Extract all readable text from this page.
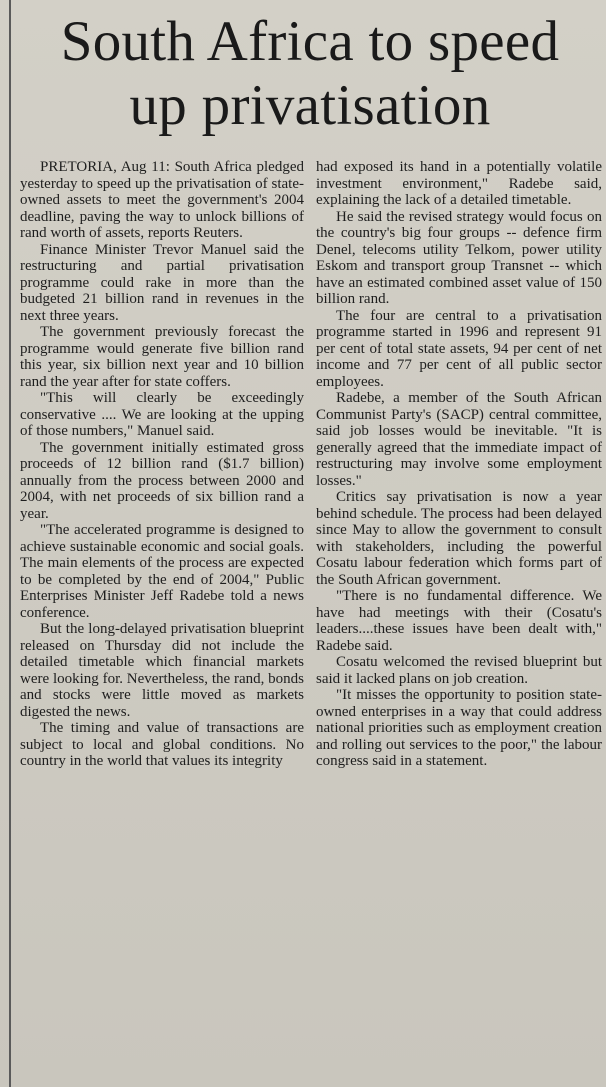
South Africa to speed
up privatisation

PRETORIA, Aug 11: South Africa pledged yesterday to speed up the privatisation of state-owned assets to meet the government's 2004 deadline, paving the way to unlock billions of rand worth of assets, reports Reuters.

Finance Minister Trevor Manuel said the restructuring and partial privatisation programme could rake in more than the budgeted 21 billion rand in revenues in the next three years.

The government previously forecast the programme would generate five billion rand this year, six billion next year and 10 billion rand the year after for state coffers.

"This will clearly be exceedingly conservative .... We are looking at the upping of those numbers," Manuel said.

The government initially estimated gross proceeds of 12 billion rand ($1.7 billion) annually from the process between 2000 and 2004, with net proceeds of six billion rand a year.

"The accelerated programme is designed to achieve sustainable economic and social goals. The main elements of the process are expected to be completed by the end of 2004," Public Enterprises Minister Jeff Radebe told a news conference.

But the long-delayed privatisation blueprint released on Thursday did not include the detailed timetable which financial markets were looking for. Nevertheless, the rand, bonds and stocks were little moved as markets digested the news.

The timing and value of transactions are subject to local and global conditions. No country in the world that values its integrity

had exposed its hand in a potentially volatile investment environment," Radebe said, explaining the lack of a detailed timetable.

He said the revised strategy would focus on the country's big four groups -- defence firm Denel, telecoms utility Telkom, power utility Eskom and transport group Transnet -- which have an estimated combined asset value of 150 billion rand.

The four are central to a privatisation programme started in 1996 and represent 91 per cent of total state assets, 94 per cent of net income and 77 per cent of all public sector employees.

Radebe, a member of the South African Communist Party's (SACP) central committee, said job losses would be inevitable. "It is generally agreed that the immediate impact of restructuring may involve some employment losses."

Critics say privatisation is now a year behind schedule. The process had been delayed since May to allow the government to consult with stakeholders, including the powerful Cosatu labour federation which forms part of the South African government.

"There is no fundamental difference. We have had meetings with their (Cosatu's leaders....these issues have been dealt with," Radebe said.

Cosatu welcomed the revised blueprint but said it lacked plans on job creation.

"It misses the opportunity to position state-owned enterprises in a way that could address national priorities such as employment creation and rolling out services to the poor," the labour congress said in a statement.
